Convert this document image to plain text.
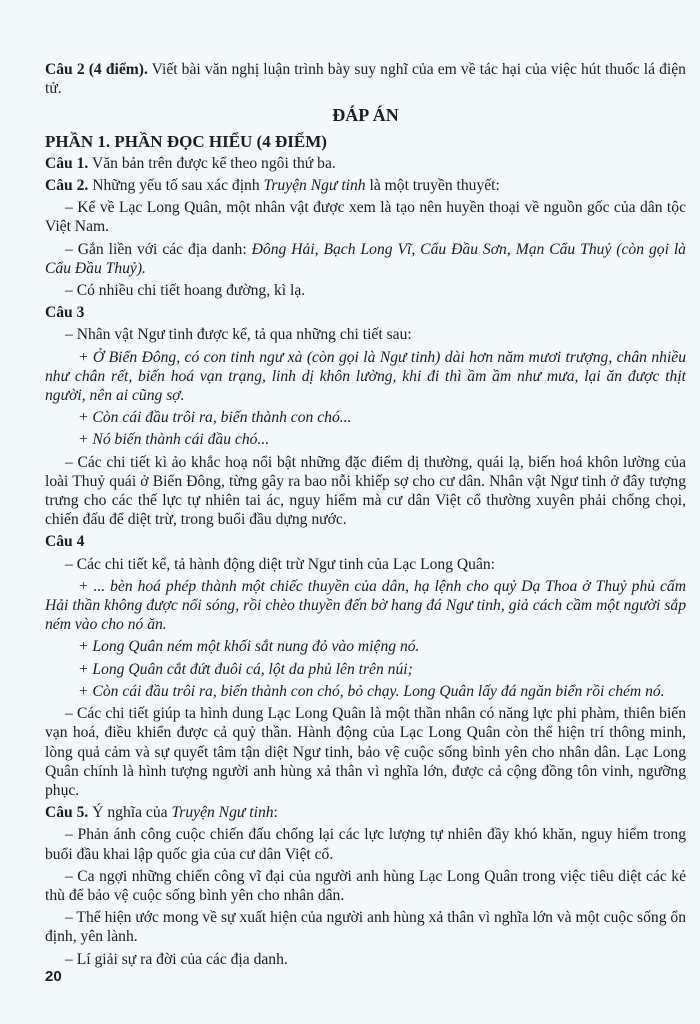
Câu 2 (4 điểm). Viết bài văn nghị luận trình bày suy nghĩ của em về tác hại của việc hút thuốc lá điện tử.

ĐÁP ÁN

PHẦN 1. PHẦN ĐỌC HIỂU (4 ĐIỂM)

Câu 1. Văn bản trên được kể theo ngôi thứ ba.

Câu 2. Những yếu tố sau xác định Truyện Ngư tinh là một truyền thuyết:

– Kể về Lạc Long Quân, một nhân vật được xem là tạo nên huyền thoại về nguồn gốc của dân tộc Việt Nam.

– Gắn liền với các địa danh: Đông Hải, Bạch Long Vĩ, Cẩu Đầu Sơn, Mạn Cẩu Thuỷ (còn gọi là Cẩu Đầu Thuỷ).

– Có nhiều chi tiết hoang đường, kì lạ.

Câu 3

– Nhân vật Ngư tinh được kể, tả qua những chi tiết sau:

+ Ở Biển Đông, có con tinh ngư xà (còn gọi là Ngư tinh) dài hơn năm mươi trượng, chân nhiều như chân rết, biến hoá vạn trạng, linh dị khôn lường, khi đi thì ầm ầm như mưa, lại ăn được thịt người, nên ai cũng sợ.

+ Còn cái đầu trôi ra, biến thành con chó...

+ Nó biến thành cái đầu chó...

– Các chi tiết kì ảo khắc hoạ nổi bật những đặc điểm dị thường, quái lạ, biến hoá khôn lường của loài Thuỷ quái ở Biển Đông, từng gây ra bao nỗi khiếp sợ cho cư dân. Nhân vật Ngư tinh ở đây tượng trưng cho các thế lực tự nhiên tai ác, nguy hiểm mà cư dân Việt cổ thường xuyên phải chống chọi, chiến đấu để diệt trừ, trong buổi đầu dựng nước.

Câu 4

– Các chi tiết kể, tả hành động diệt trừ Ngư tinh của Lạc Long Quân:

+ ... bèn hoá phép thành một chiếc thuyền của dân, hạ lệnh cho quỷ Dạ Thoa ở Thuỷ phủ cấm Hải thần không được nổi sóng, rồi chèo thuyền đến bờ hang đá Ngư tinh, giả cách cầm một người sắp ném vào cho nó ăn.

+ Long Quân ném một khối sắt nung đỏ vào miệng nó.

+ Long Quân cắt đứt đuôi cá, lột da phủ lên trên núi;

+ Còn cái đầu trôi ra, biến thành con chó, bỏ chạy. Long Quân lấy đá ngăn biển rồi chém nó.

– Các chi tiết giúp ta hình dung Lạc Long Quân là một thần nhân có năng lực phi phàm, thiên biến vạn hoá, điều khiển được cả quỷ thần. Hành động của Lạc Long Quân còn thể hiện trí thông minh, lòng quả cảm và sự quyết tâm tận diệt Ngư tinh, bảo vệ cuộc sống bình yên cho nhân dân. Lạc Long Quân chính là hình tượng người anh hùng xả thân vì nghĩa lớn, được cả cộng đồng tôn vinh, ngưỡng phục.

Câu 5. Ý nghĩa của Truyện Ngư tinh:

– Phản ánh công cuộc chiến đấu chống lại các lực lượng tự nhiên đầy khó khăn, nguy hiểm trong buổi đầu khai lập quốc gia của cư dân Việt cổ.

– Ca ngợi những chiến công vĩ đại của người anh hùng Lạc Long Quân trong việc tiêu diệt các kẻ thù để bảo vệ cuộc sống bình yên cho nhân dân.

– Thể hiện ước mong về sự xuất hiện của người anh hùng xả thân vì nghĩa lớn và một cuộc sống ổn định, yên lành.

– Lí giải sự ra đời của các địa danh.

20
